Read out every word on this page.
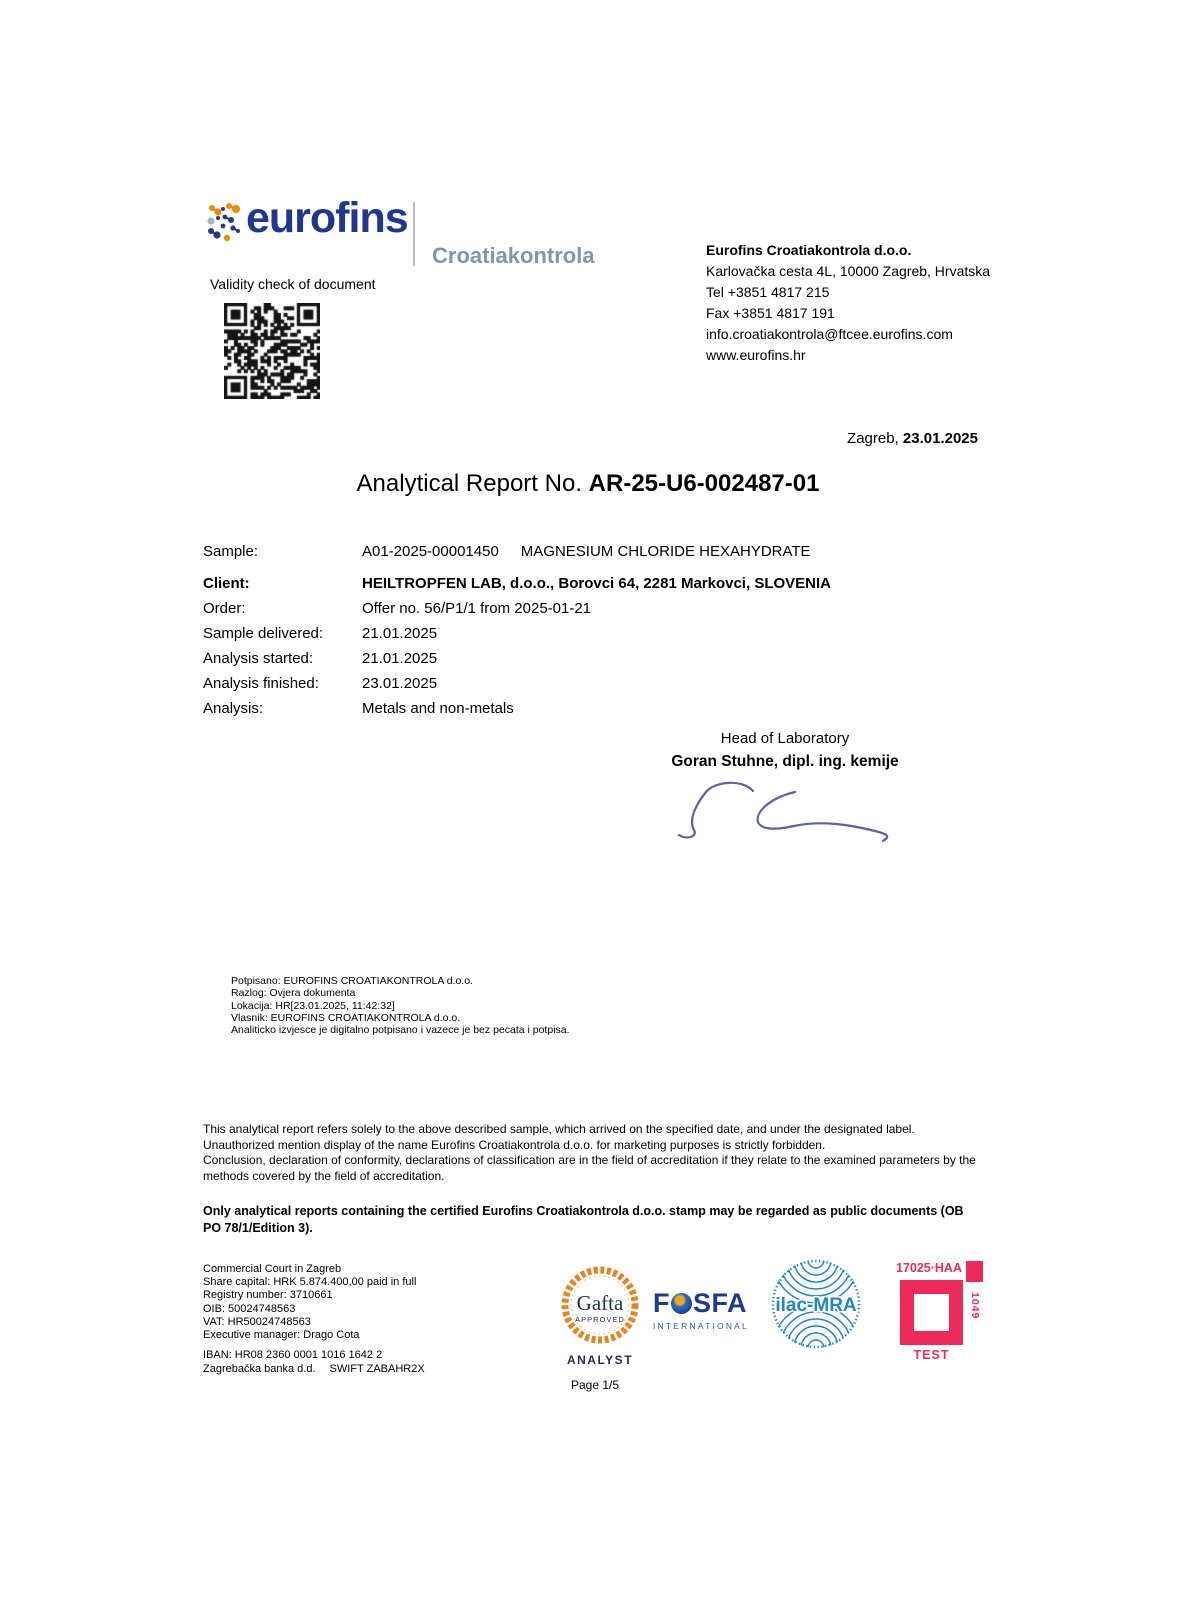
eurofins
Croatiakontrola
Validity check of document
Eurofins Croatiakontrola d.o.o.
Karlovačka cesta 4L, 10000 Zagreb, Hrvatska
Tel +3851 4817 215
Fax +3851 4817 191
info.croatiakontrola@ftcee.eurofins.com
www.eurofins.hr
Zagreb, 23.01.2025
Analytical Report No. AR-25-U6-002487-01
Sample:	A01-2025-00001450 MAGNESIUM CHLORIDE HEXAHYDRATE
Client:	HEILTROPFEN LAB, d.o.o., Borovci 64, 2281 Markovci, SLOVENIA
Order:	Offer no. 56/P1/1 from 2025-01-21
Sample delivered:	21.01.2025
Analysis started:	21.01.2025
Analysis finished:	23.01.2025
Analysis:	Metals and non-metals
Head of Laboratory
Goran Stuhne, dipl. ing. kemije
Potpisano: EUROFINS CROATIAKONTROLA d.o.o.
Razlog: Ovjera dokumenta
Lokacija: HR[23.01.2025, 11:42:32]
Vlasnik: EUROFINS CROATIAKONTROLA d.o.o.
Analiticko izvjesce je digitalno potpisano i vazece je bez pecata i potpisa.
This analytical report refers solely to the above described sample, which arrived on the specified date, and under the designated label.
Unauthorized mention display of the name Eurofins Croatiakontrola d.o.o. for marketing purposes is strictly forbidden.
Conclusion, declaration of conformity, declarations of classification are in the field of accreditation if they relate to the examined parameters by the methods covered by the field of accreditation.
Only analytical reports containing the certified Eurofins Croatiakontrola d.o.o. stamp may be regarded as public documents (OB PO 78/1/Edition 3).
Commercial Court in Zagreb
Share capital: HRK 5.874.400,00 paid in full
Registry number: 3710661
OIB: 50024748563
VAT: HR50024748563
Executive manager: Drago Cota
IBAN: HR08 2360 0001 1016 1642 2
Zagrebačka banka d.d. SWIFT ZABAHR2X
Gafta
APPROVED
ANALYST
F SFA
INTERNATIONAL
ilac-MRA
17025·HAA
1049
TEST
Page 1/5
